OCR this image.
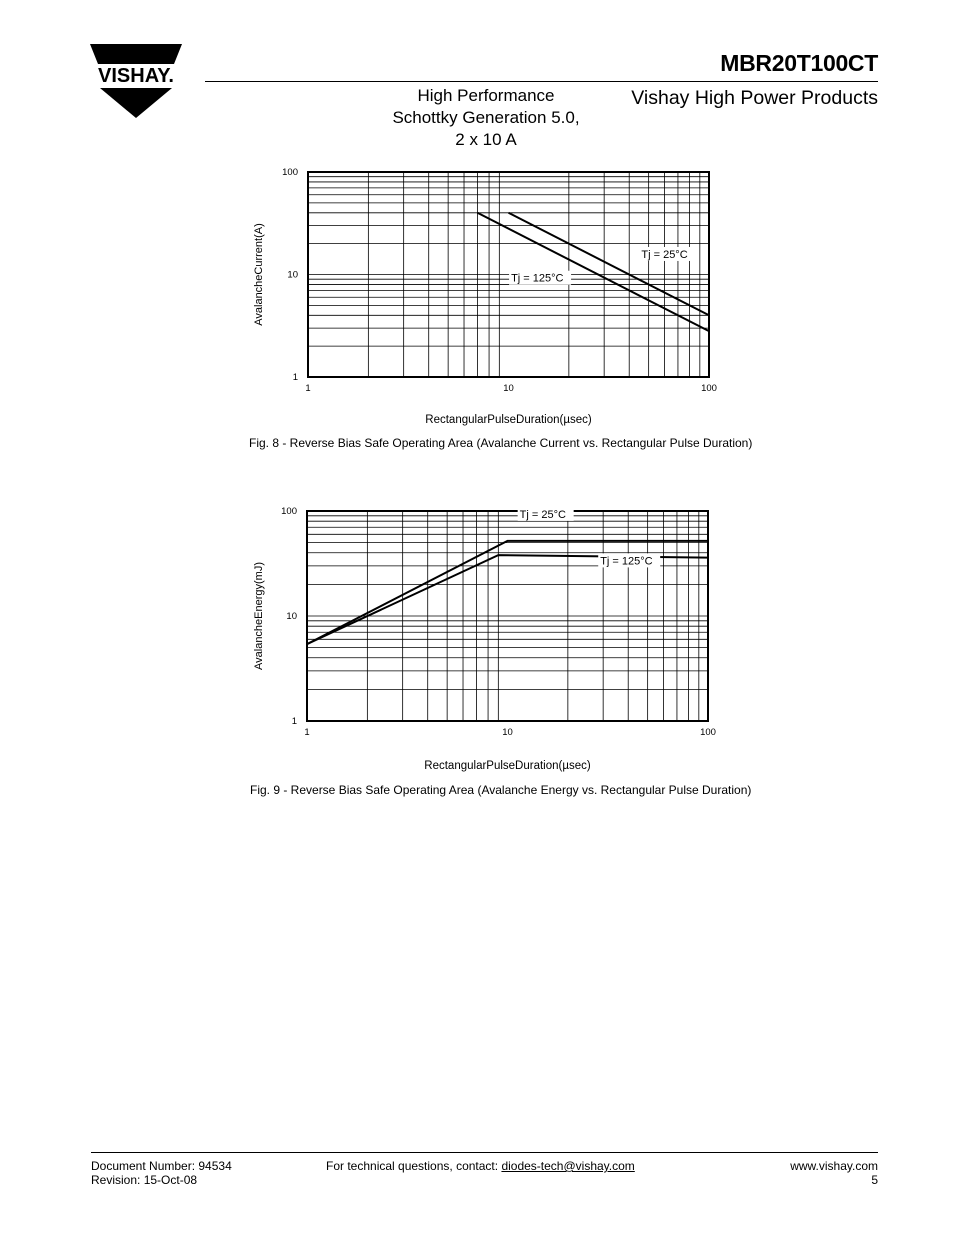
VISHAY.	MBR20T100CT
High Performance
Schottky Generation 5.0,
2 x 10 A
Vishay High Power Products
1	10	100
1
10
100
RectangularPulseDuration(µsec)
AvalancheCurrent(A)	Tj = 25°C
Tj = 125°C
Fig. 8 - Reverse Bias Safe Operating Area (Avalanche Current vs. Rectangular Pulse Duration)
1	10	100
1
10
100
RectangularPulseDuration(µsec)
AvalancheEnergy(mJ)
Tj = 25°C
Tj = 125°C
Fig. 9 - Reverse Bias Safe Operating Area (Avalanche Energy vs. Rectangular Pulse Duration)
Document Number: 94534
Revision: 15-Oct-08
For technical questions, contact: diodes-tech@vishay.com	www.vishay.com
5
